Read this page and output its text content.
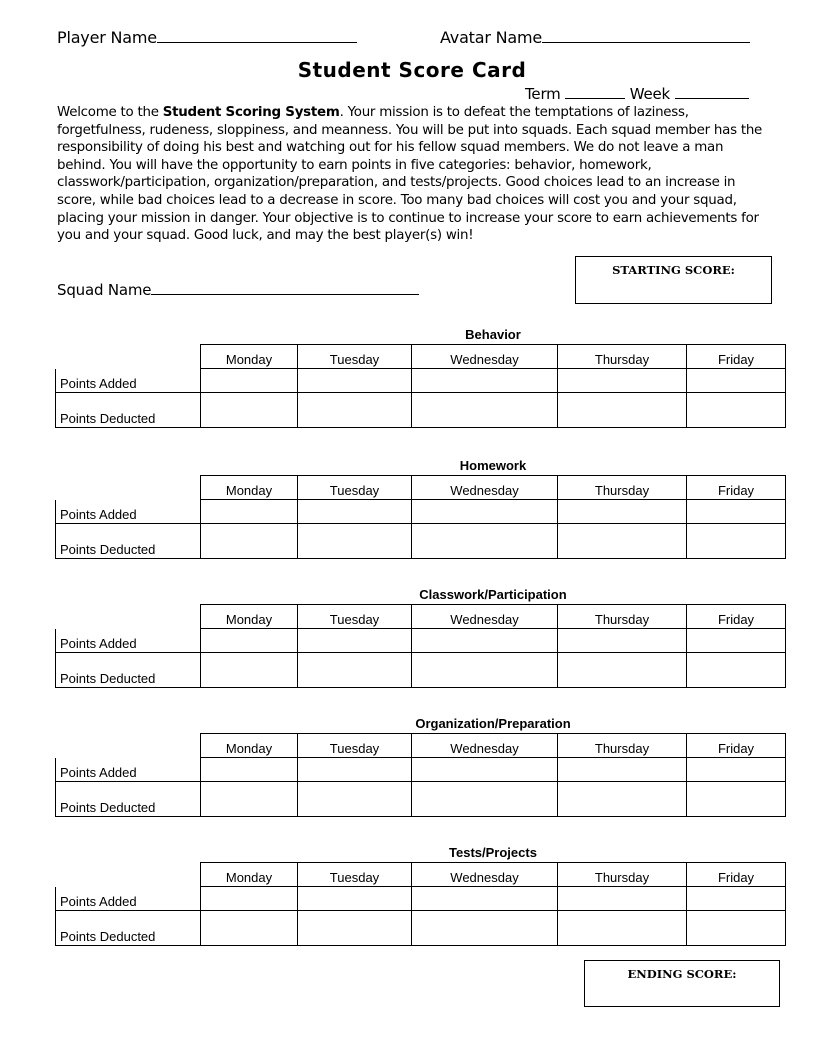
Player Name	Avatar Name
Student Score Card
Term	Week
Welcome to the Student Scoring System. Your mission is to defeat the temptations of laziness, forgetfulness, rudeness, sloppiness, and meanness. You will be put into squads. Each squad member has the responsibility of doing his best and watching out for his fellow squad members. We do not leave a man behind. You will have the opportunity to earn points in five categories: behavior, homework, classwork/participation, organization/preparation, and tests/projects. Good choices lead to an increase in score, while bad choices lead to a decrease in score. Too many bad choices will cost you and your squad, placing your mission in danger. Your objective is to continue to increase your score to earn achievements for you and your squad. Good luck, and may the best player(s) win!
Squad Name
STARTING SCORE:
Behavior
	Monday	Tuesday	Wednesday	Thursday	Friday
Points Added					
Points Deducted					
Homework
	Monday	Tuesday	Wednesday	Thursday	Friday
Points Added					
Points Deducted					
Classwork/Participation
	Monday	Tuesday	Wednesday	Thursday	Friday
Points Added					
Points Deducted					
Organization/Preparation
	Monday	Tuesday	Wednesday	Thursday	Friday
Points Added					
Points Deducted					
Tests/Projects
	Monday	Tuesday	Wednesday	Thursday	Friday
Points Added					
Points Deducted					
ENDING SCORE:
